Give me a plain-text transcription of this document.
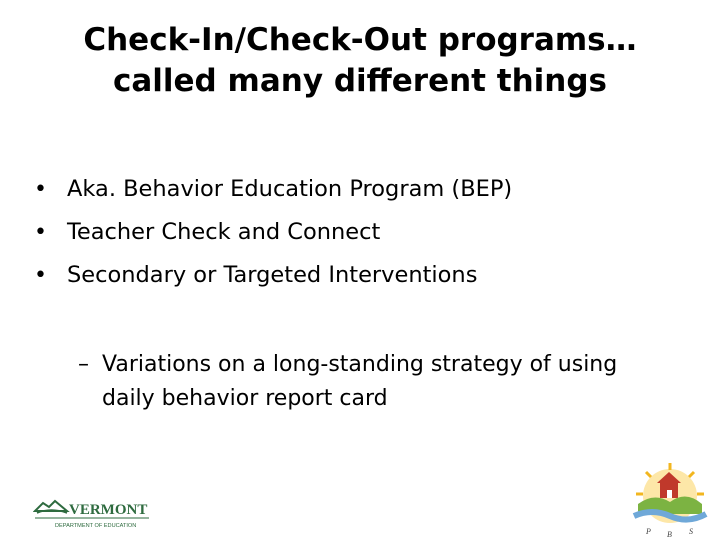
Check-In/Check-Out programs…
called many different things
• Aka. Behavior Education Program (BEP)
• Teacher Check and Connect
• Secondary or Targeted Interventions
– Variations on a long-standing strategy of using
daily behavior report card
VERMONT
DEPARTMENT OF EDUCATION
P B S
